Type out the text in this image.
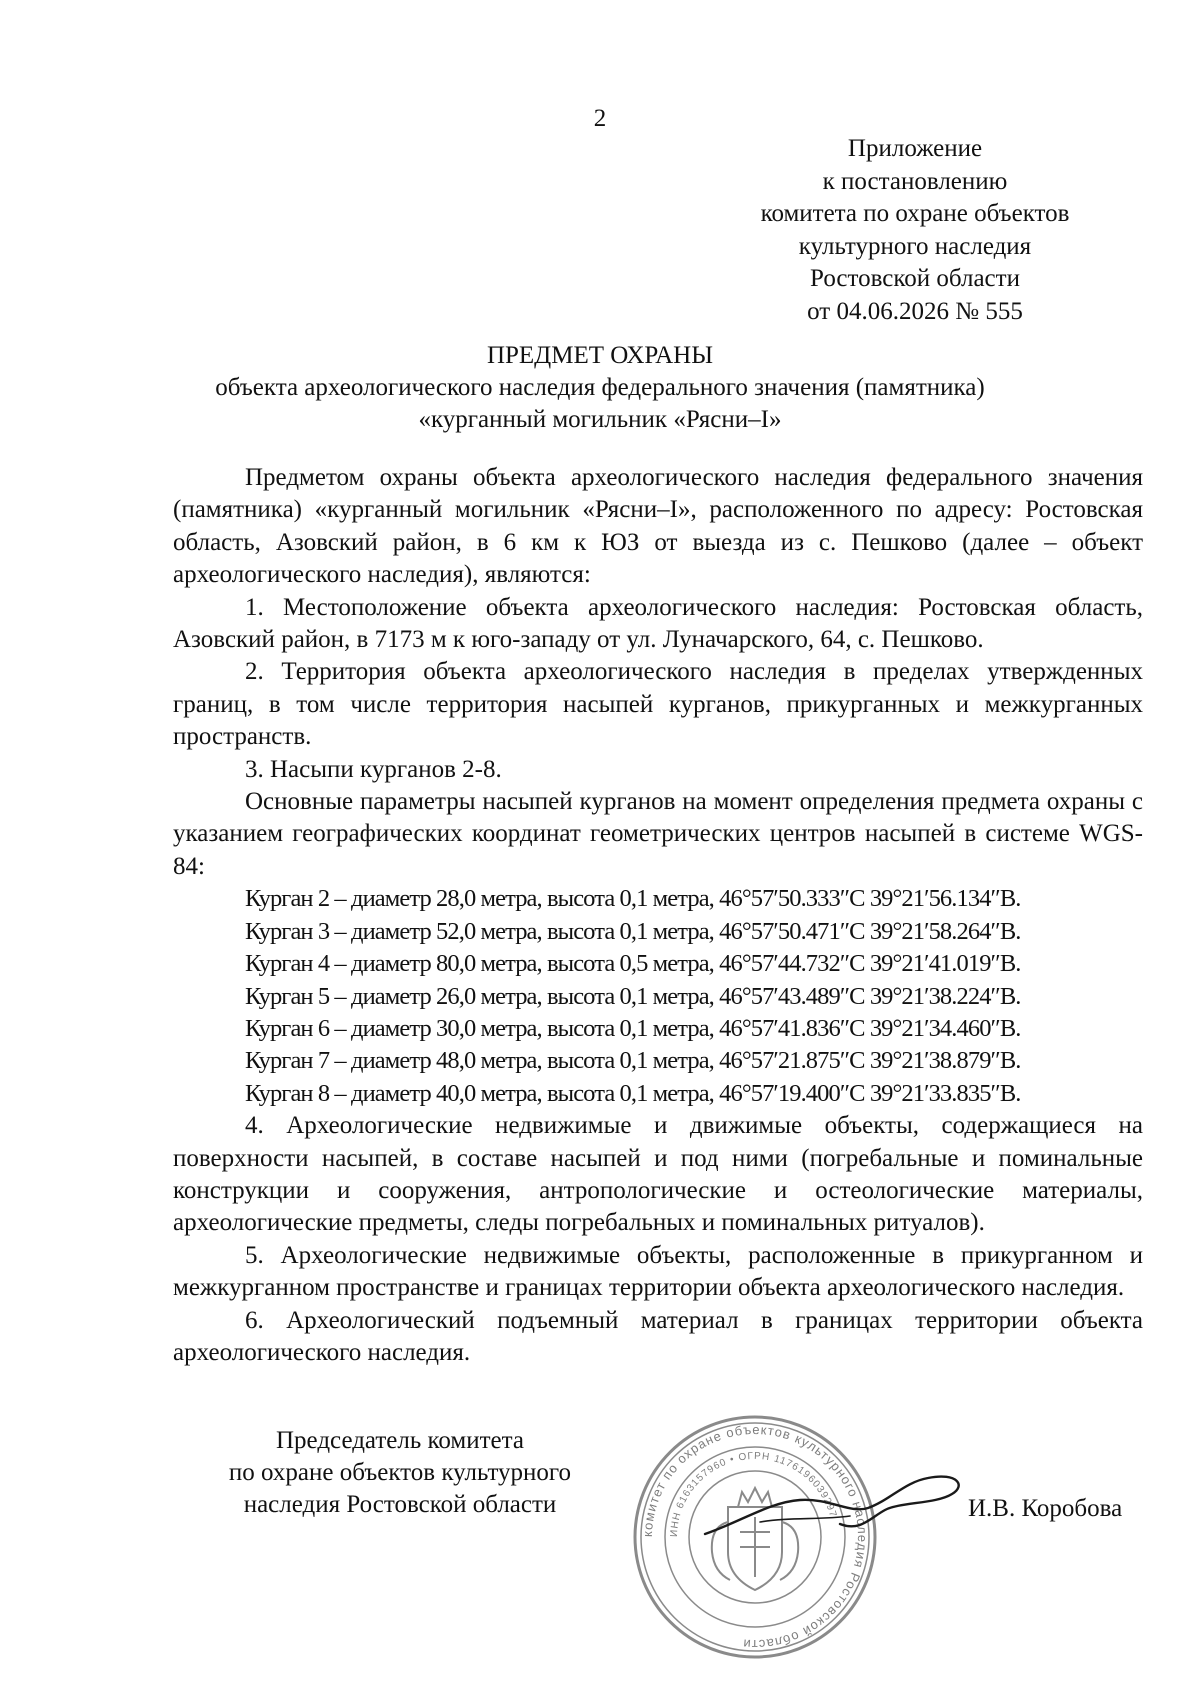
2
Приложение
к постановлению
комитета по охране объектов
культурного наследия
Ростовской области
от 04.06.2026 № 555
ПРЕДМЕТ ОХРАНЫ
объекта археологического наследия федерального значения (памятника)
«курганный могильник «Рясни–I»

Предметом охраны объекта археологического наследия федерального значения (памятника) «курганный могильник «Рясни–I», расположенного по адресу: Ростовская область, Азовский район, в 6 км к ЮЗ от выезда из с. Пешково (далее – объект археологического наследия), являются:

1. Местоположение объекта археологического наследия: Ростовская область, Азовский район, в 7173 м к юго-западу от ул. Луначарского, 64, с. Пешково.

2. Территория объекта археологического наследия в пределах утвержденных границ, в том числе территория насыпей курганов, прикурганных и межкурганных пространств.

3. Насыпи курганов 2-8.

Основные параметры насыпей курганов на момент определения предмета охраны с указанием географических координат геометрических центров насыпей в системе WGS-84:

Курган 2 – диаметр 28,0 метра, высота 0,1 метра, 46°57′50.333″С 39°21′56.134″В.
Курган 3 – диаметр 52,0 метра, высота 0,1 метра, 46°57′50.471″С 39°21′58.264″В.
Курган 4 – диаметр 80,0 метра, высота 0,5 метра, 46°57′44.732″С 39°21′41.019″В.
Курган 5 – диаметр 26,0 метра, высота 0,1 метра, 46°57′43.489″С 39°21′38.224″В.
Курган 6 – диаметр 30,0 метра, высота 0,1 метра, 46°57′41.836″С 39°21′34.460″В.
Курган 7 – диаметр 48,0 метра, высота 0,1 метра, 46°57′21.875″С 39°21′38.879″В.
Курган 8 – диаметр 40,0 метра, высота 0,1 метра, 46°57′19.400″С 39°21′33.835″В.

4. Археологические недвижимые и движимые объекты, содержащиеся на поверхности насыпей, в составе насыпей и под ними (погребальные и поминальные конструкции и сооружения, антропологические и остеологические материалы, археологические предметы, следы погребальных и поминальных ритуалов).

5. Археологические недвижимые объекты, расположенные в прикурганном и межкурганном пространстве и границах территории объекта археологического наследия.

6. Археологический подъемный материал в границах территории объекта археологического наследия.

Председатель комитета
по охране объектов культурного
наследия Ростовской области
комитет по охране объектов культурного наследия Ростовской области
ИНН 6163157960 • ОГРН 1176196039297	И.В. Коробова
